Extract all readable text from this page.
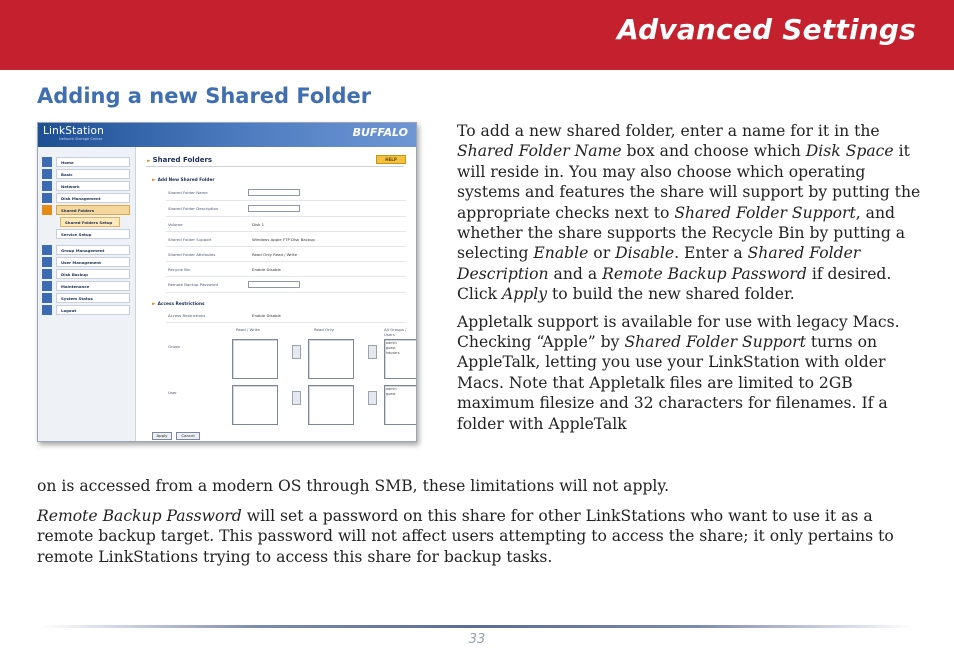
Advanced Settings
Adding a new Shared Folder
LinkStation
Network Storage Center	BUFFALO
Home
Basic
Network
Disk Management
Shared Folders
Shared Folders Setup
Service Setup
Group Management
User Management
Disk Backup
Maintenance
System Status
Logout
► Shared Folders	HELP
► Add New Shared Folder
Shared Folder Name
Shared Folder Description
Volume	Disk 1
Shared Folder Support	Windows Apple FTP Disk Backup
Shared Folder Attributes	Read Only Read / Write
Recycle Bin	Enable Disable
Remote Backup Password
► Access Restrictions
Access Restrictions	Enable Disable
Read / Write	Read Only	All Groups / Users
Group
admin
guest
hdusers
User
admin
guest
Apply	Cancel

To add a new shared folder, enter a name for it in the Shared Folder Name box and choose which Disk Space it will reside in. You may also choose which operating systems and features the share will support by putting the appropriate checks next to Shared Folder Support, and whether the share supports the Recycle Bin by putting a selecting Enable or Disable. Enter a Shared Folder Description and a Remote Backup Password if desired. Click Apply to build the new shared folder.

Appletalk support is available for use with legacy Macs. Checking “Apple” by Shared Folder Support turns on AppleTalk, letting you use your LinkStation with older Macs. Note that Appletalk files are limited to 2GB maximum filesize and 32 characters for filenames. If a folder with AppleTalk

on is accessed from a modern OS through SMB, these limitations will not apply.

Remote Backup Password will set a password on this share for other LinkStations who want to use it as a remote backup target. This password will not affect users attempting to access the share; it only pertains to remote LinkStations trying to access this share for backup tasks.

33
